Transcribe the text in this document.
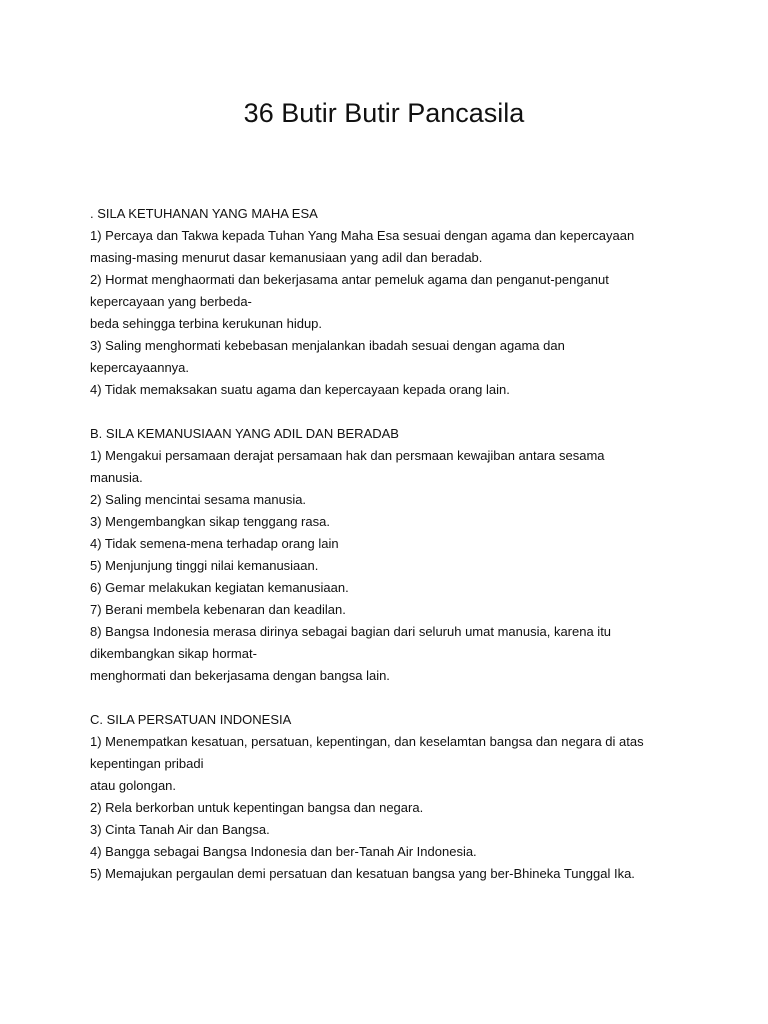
36 Butir Butir Pancasila

. SILA KETUHANAN YANG MAHA ESA

1) Percaya dan Takwa kepada Tuhan Yang Maha Esa sesuai dengan agama dan kepercayaan

masing-masing menurut dasar kemanusiaan yang adil dan beradab.

2) Hormat menghaormati dan bekerjasama antar pemeluk agama dan penganut-penganut

kepercayaan yang berbeda-

beda sehingga terbina kerukunan hidup.

3) Saling menghormati kebebasan menjalankan ibadah sesuai dengan agama dan

kepercayaannya.

4) Tidak memaksakan suatu agama dan kepercayaan kepada orang lain.

B. SILA KEMANUSIAAN YANG ADIL DAN BERADAB

1) Mengakui persamaan derajat persamaan hak dan persmaan kewajiban antara sesama

manusia.

2) Saling mencintai sesama manusia.

3) Mengembangkan sikap tenggang rasa.

4) Tidak semena-mena terhadap orang lain

5) Menjunjung tinggi nilai kemanusiaan.

6) Gemar melakukan kegiatan kemanusiaan.

7) Berani membela kebenaran dan keadilan.

8) Bangsa Indonesia merasa dirinya sebagai bagian dari seluruh umat manusia, karena itu

dikembangkan sikap hormat-

menghormati dan bekerjasama dengan bangsa lain.

C. SILA PERSATUAN INDONESIA

1) Menempatkan kesatuan, persatuan, kepentingan, dan keselamtan bangsa dan negara di atas

kepentingan pribadi

atau golongan.

2) Rela berkorban untuk kepentingan bangsa dan negara.

3) Cinta Tanah Air dan Bangsa.

4) Bangga sebagai Bangsa Indonesia dan ber-Tanah Air Indonesia.

5) Memajukan pergaulan demi persatuan dan kesatuan bangsa yang ber-Bhineka Tunggal Ika.
